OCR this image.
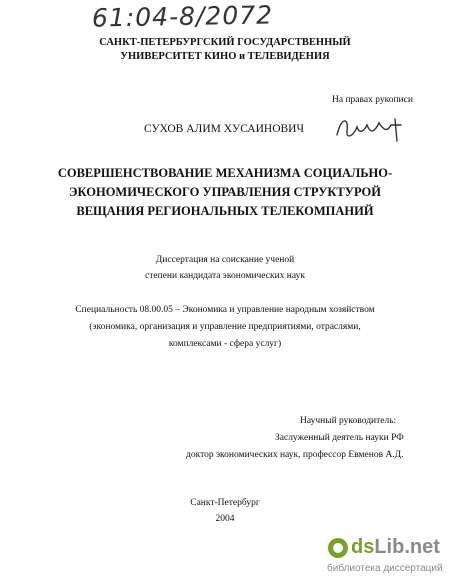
61:04-8/2072
САНКТ-ПЕТЕРБУРГСКИЙ ГОСУДАРСТВЕННЫЙ
УНИВЕРСИТЕТ КИНО и ТЕЛЕВИДЕНИЯ
На правах рукописи
СУХОВ АЛИМ ХУСАИНОВИЧ
СОВЕРШЕНСТВОВАНИЕ МЕХАНИЗМА СОЦИАЛЬНО-
ЭКОНОМИЧЕСКОГО УПРАВЛЕНИЯ СТРУКТУРОЙ
ВЕЩАНИЯ РЕГИОНАЛЬНЫХ ТЕЛЕКОМПАНИЙ
Диссертация на соискание ученой
степени кандидата экономических наук
Специальность 08.00.05 – Экономика и управление народным хозяйством
(экономика, организация и управление предприятиями, отраслями,
комплексами - сфера услуг)
Научный руководитель:
Заслуженный деятель науки РФ
доктор экономических наук, профессор Евменов А.Д.
Санкт-Петербург
2004
dsLib.net
библиотека диссертаций
